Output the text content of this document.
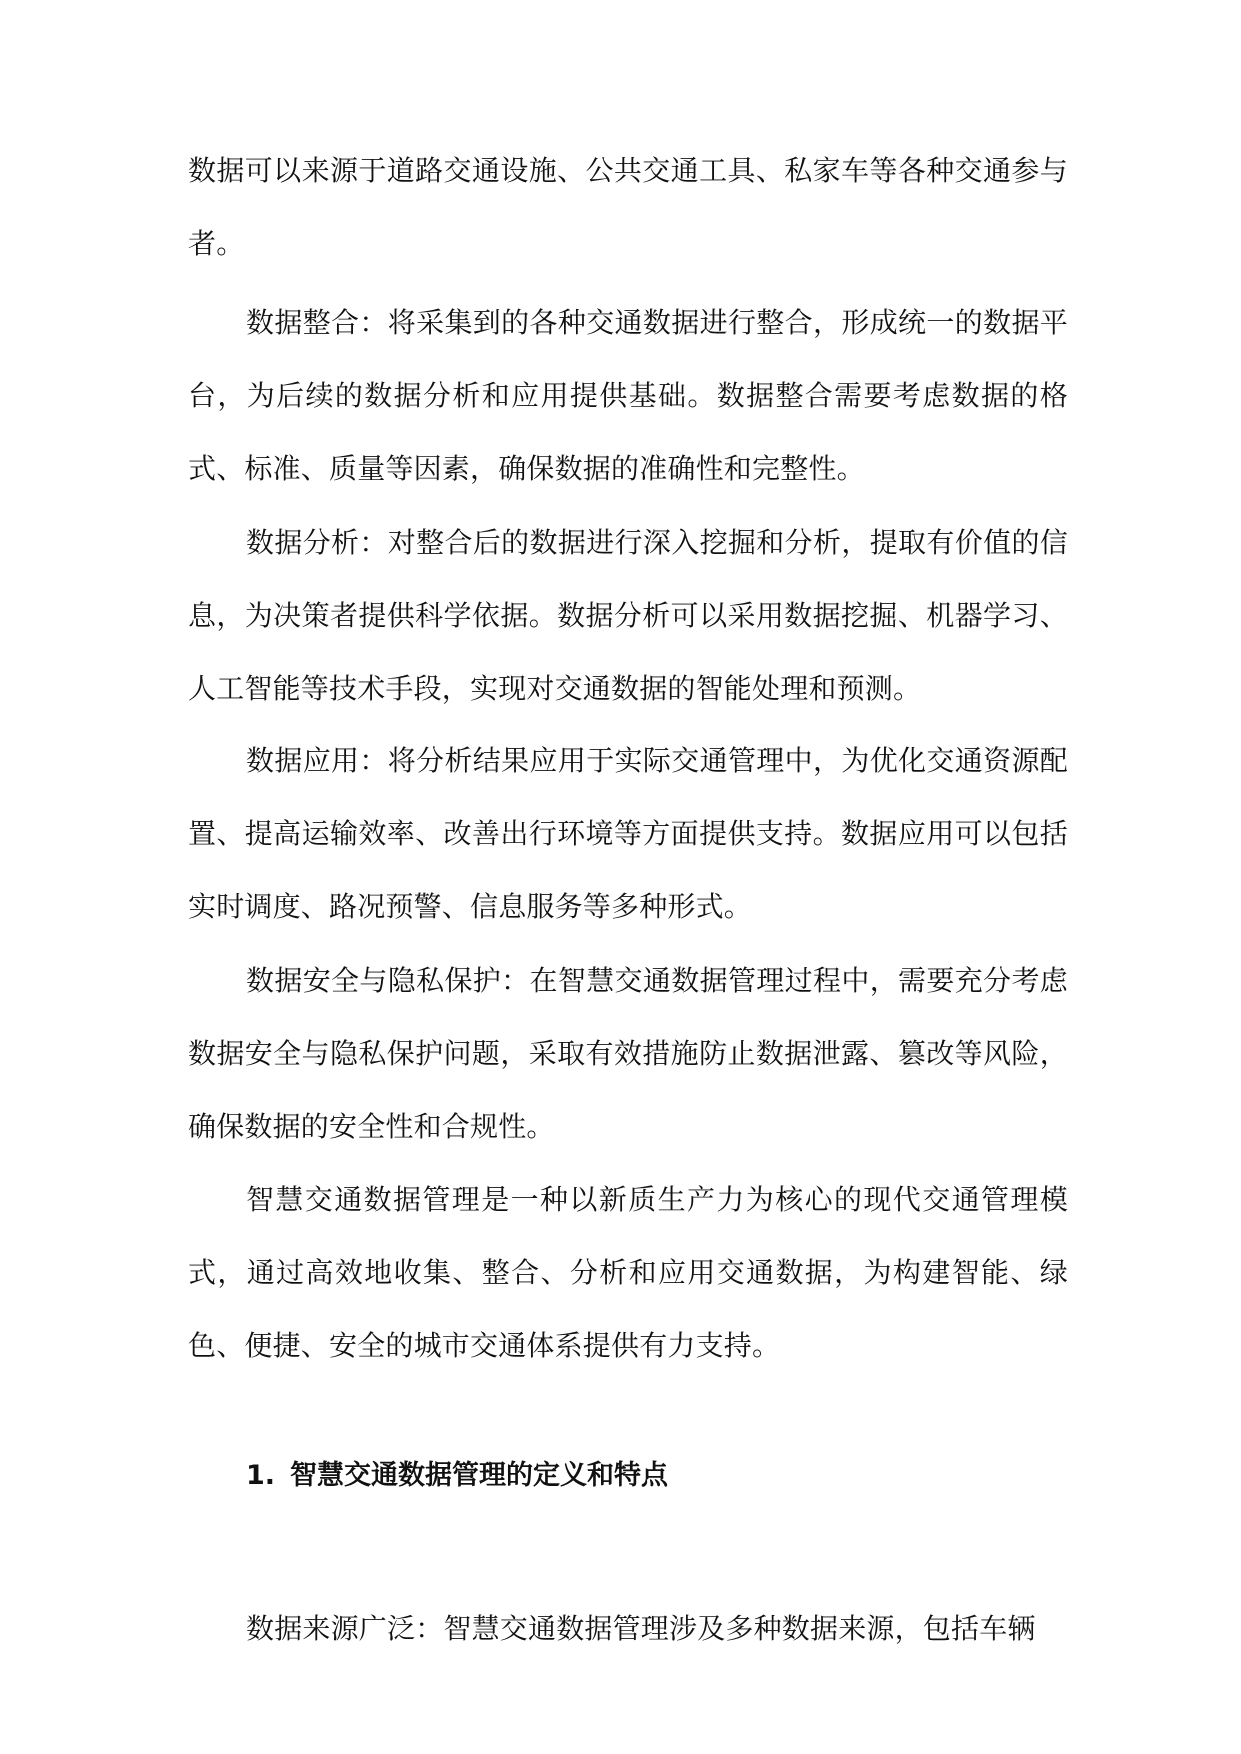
数据可以来源于道路交通设施、公共交通工具、私家车等各种交通参与者。

数据整合：将采集到的各种交通数据进行整合，形成统一的数据平台，为后续的数据分析和应用提供基础。数据整合需要考虑数据的格式、标准、质量等因素，确保数据的准确性和完整性。

数据分析：对整合后的数据进行深入挖掘和分析，提取有价值的信息，为决策者提供科学依据。数据分析可以采用数据挖掘、机器学习、人工智能等技术手段，实现对交通数据的智能处理和预测。

数据应用：将分析结果应用于实际交通管理中，为优化交通资源配置、提高运输效率、改善出行环境等方面提供支持。数据应用可以包括实时调度、路况预警、信息服务等多种形式。

数据安全与隐私保护：在智慧交通数据管理过程中，需要充分考虑数据安全与隐私保护问题，采取有效措施防止数据泄露、篡改等风险，确保数据的安全性和合规性。

智慧交通数据管理是一种以新质生产力为核心的现代交通管理模式，通过高效地收集、整合、分析和应用交通数据，为构建智能、绿色、便捷、安全的城市交通体系提供有力支持。

1. 智慧交通数据管理的定义和特点

数据来源广泛：智慧交通数据管理涉及多种数据来源，包括车辆
